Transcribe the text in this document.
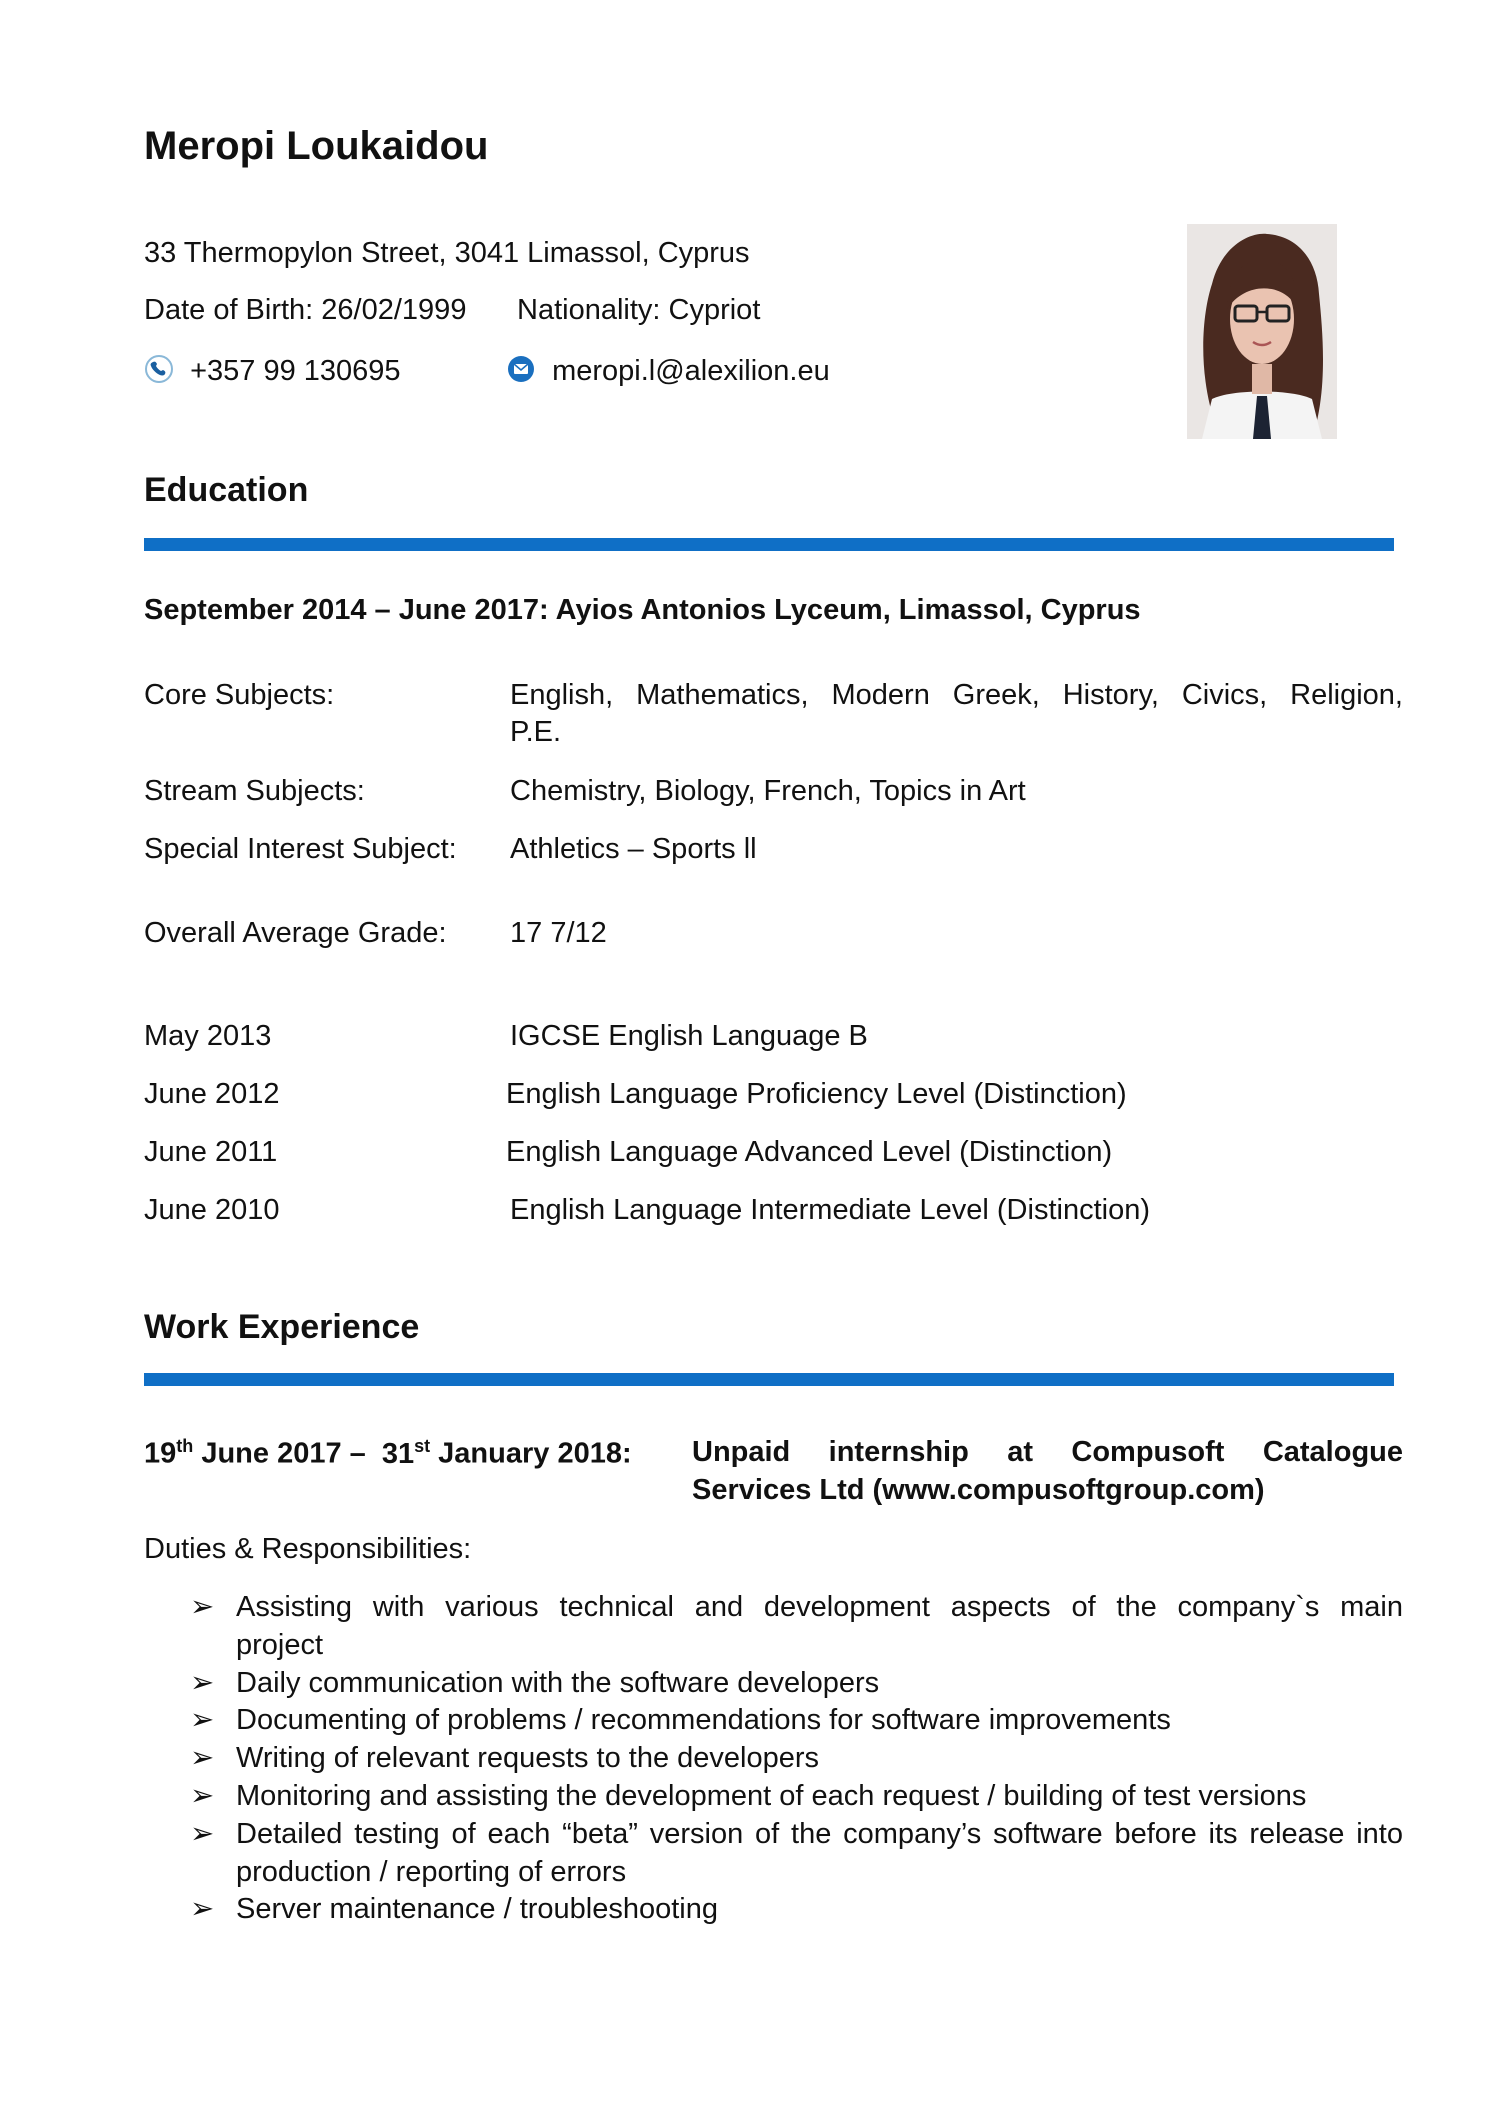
Meropi Loukaidou
33 Thermopylon Street, 3041 Limassol, Cyprus
Date of Birth: 26/02/1999 Nationality: Cypriot
+357 99 130695	meropi.l@alexilion.eu
Education
September 2014 – June 2017: Ayios Antonios Lyceum, Limassol, Cyprus
Core Subjects:	English, Mathematics, Modern Greek, History, Civics, Religion,
P.E.
Stream Subjects:	Chemistry, Biology, French, Topics in Art
Special Interest Subject: Athletics – Sports ll
Overall Average Grade: 17 7/12
May 2013	IGCSE English Language B
June 2012	English Language Proficiency Level (Distinction)
June 2011	English Language Advanced Level (Distinction)
June 2010	English Language Intermediate Level (Distinction)
Work Experience
19th June 2017 – 31st January 2018: Unpaid internship at Compusoft Catalogue
Services Ltd (www.compusoftgroup.com)
Duties & Responsibilities:
➢ Assisting with various technical and development aspects of the company`s main
project
➢ Daily communication with the software developers
➢ Documenting of problems / recommendations for software improvements
➢ Writing of relevant requests to the developers
➢ Monitoring and assisting the development of each request / building of test versions
➢ Detailed testing of each “beta” version of the company’s software before its release into
production / reporting of errors
➢ Server maintenance / troubleshooting
